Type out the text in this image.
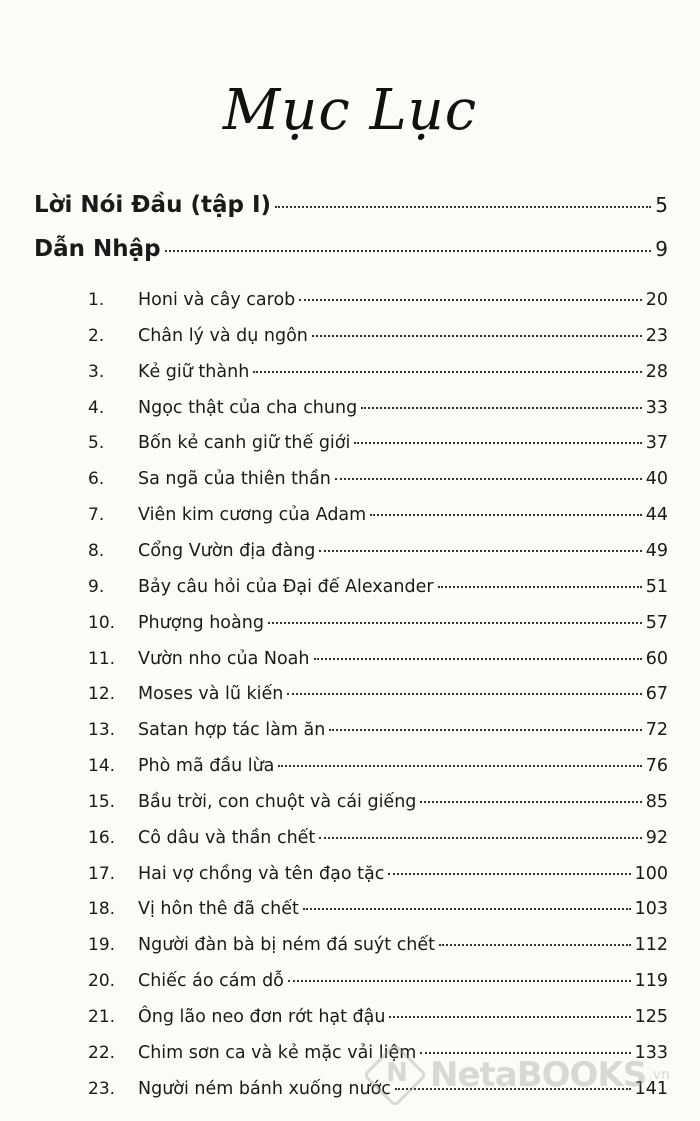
Mục Lục
Lời Nói Đầu (tập I)	5
Dẫn Nhập	9
1.	Honi và cây carob	20
2.	Chân lý và dụ ngôn	23
3.	Kẻ giữ thành	28
4.	Ngọc thật của cha chung	33
5.	Bốn kẻ canh giữ thế giới	37
6.	Sa ngã của thiên thần	40
7.	Viên kim cương của Adam	44
8.	Cổng Vườn địa đàng	49
9.	Bảy câu hỏi của Đại đế Alexander	51
10.	Phượng hoàng	57
11.	Vườn nho của Noah	60
12.	Moses và lũ kiến	67
13.	Satan hợp tác làm ăn	72
14.	Phò mã đầu lừa	76
15.	Bầu trời, con chuột và cái giếng	85
16.	Cô dâu và thần chết	92
17.	Hai vợ chồng và tên đạo tặc	100
18.	Vị hôn thê đã chết	103
19.	Người đàn bà bị ném đá suýt chết	112
20.	Chiếc áo cám dỗ	119
21.	Ông lão neo đơn rớt hạt đậu	125
22.	Chim sơn ca và kẻ mặc vải liệm	133
23.	Người ném bánh xuống nước	141
N
NetaBOOKS .vn
